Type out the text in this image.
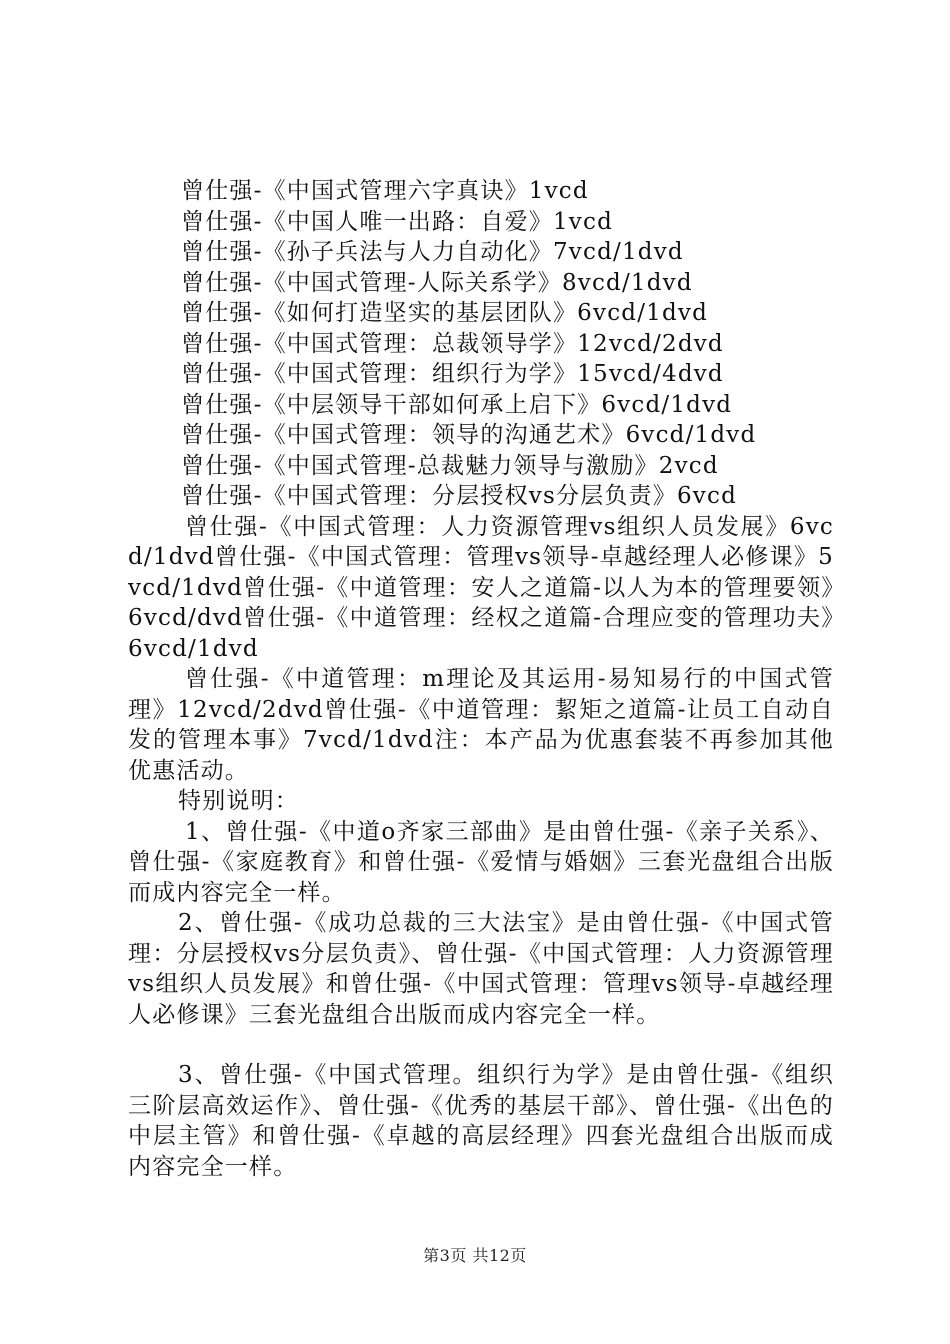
曾仕强-《中国式管理六字真诀》1vcd

曾仕强-《中国人唯一出路：自爱》1vcd

曾仕强-《孙子兵法与人力自动化》7vcd/1dvd

曾仕强-《中国式管理-人际关系学》8vcd/1dvd

曾仕强-《如何打造坚实的基层团队》6vcd/1dvd

曾仕强-《中国式管理：总裁领导学》12vcd/2dvd

曾仕强-《中国式管理：组织行为学》15vcd/4dvd

曾仕强-《中层领导干部如何承上启下》6vcd/1dvd

曾仕强-《中国式管理：领导的沟通艺术》6vcd/1dvd

曾仕强-《中国式管理-总裁魅力领导与激励》2vcd

曾仕强-《中国式管理：分层授权vs分层负责》6vcd

曾仕强-《中国式管理：人力资源管理vs组织人员发展》6vcd/1dvd曾仕强-《中国式管理：管理vs领导-卓越经理人必修课》5vcd/1dvd曾仕强-《中道管理：安人之道篇-以人为本的管理要领》6vcd/dvd曾仕强-《中道管理：经权之道篇-合理应变的管理功夫》6vcd/1dvd

曾仕强-《中道管理：m理论及其运用-易知易行的中国式管理》12vcd/2dvd曾仕强-《中道管理：絜矩之道篇-让员工自动自发的管理本事》7vcd/1dvd注：本产品为优惠套装不再参加其他优惠活动。

特别说明：

1、曾仕强-《中道o齐家三部曲》是由曾仕强-《亲子关系》、曾仕强-《家庭教育》和曾仕强-《爱情与婚姻》三套光盘组合出版而成内容完全一样。

2、曾仕强-《成功总裁的三大法宝》是由曾仕强-《中国式管理：分层授权vs分层负责》、曾仕强-《中国式管理：人力资源管理vs组织人员发展》和曾仕强-《中国式管理：管理vs领导-卓越经理人必修课》三套光盘组合出版而成内容完全一样。

3、曾仕强-《中国式管理。组织行为学》是由曾仕强-《组织三阶层高效运作》、曾仕强-《优秀的基层干部》、曾仕强-《出色的中层主管》和曾仕强-《卓越的高层经理》四套光盘组合出版而成内容完全一样。

第3页 共12页
